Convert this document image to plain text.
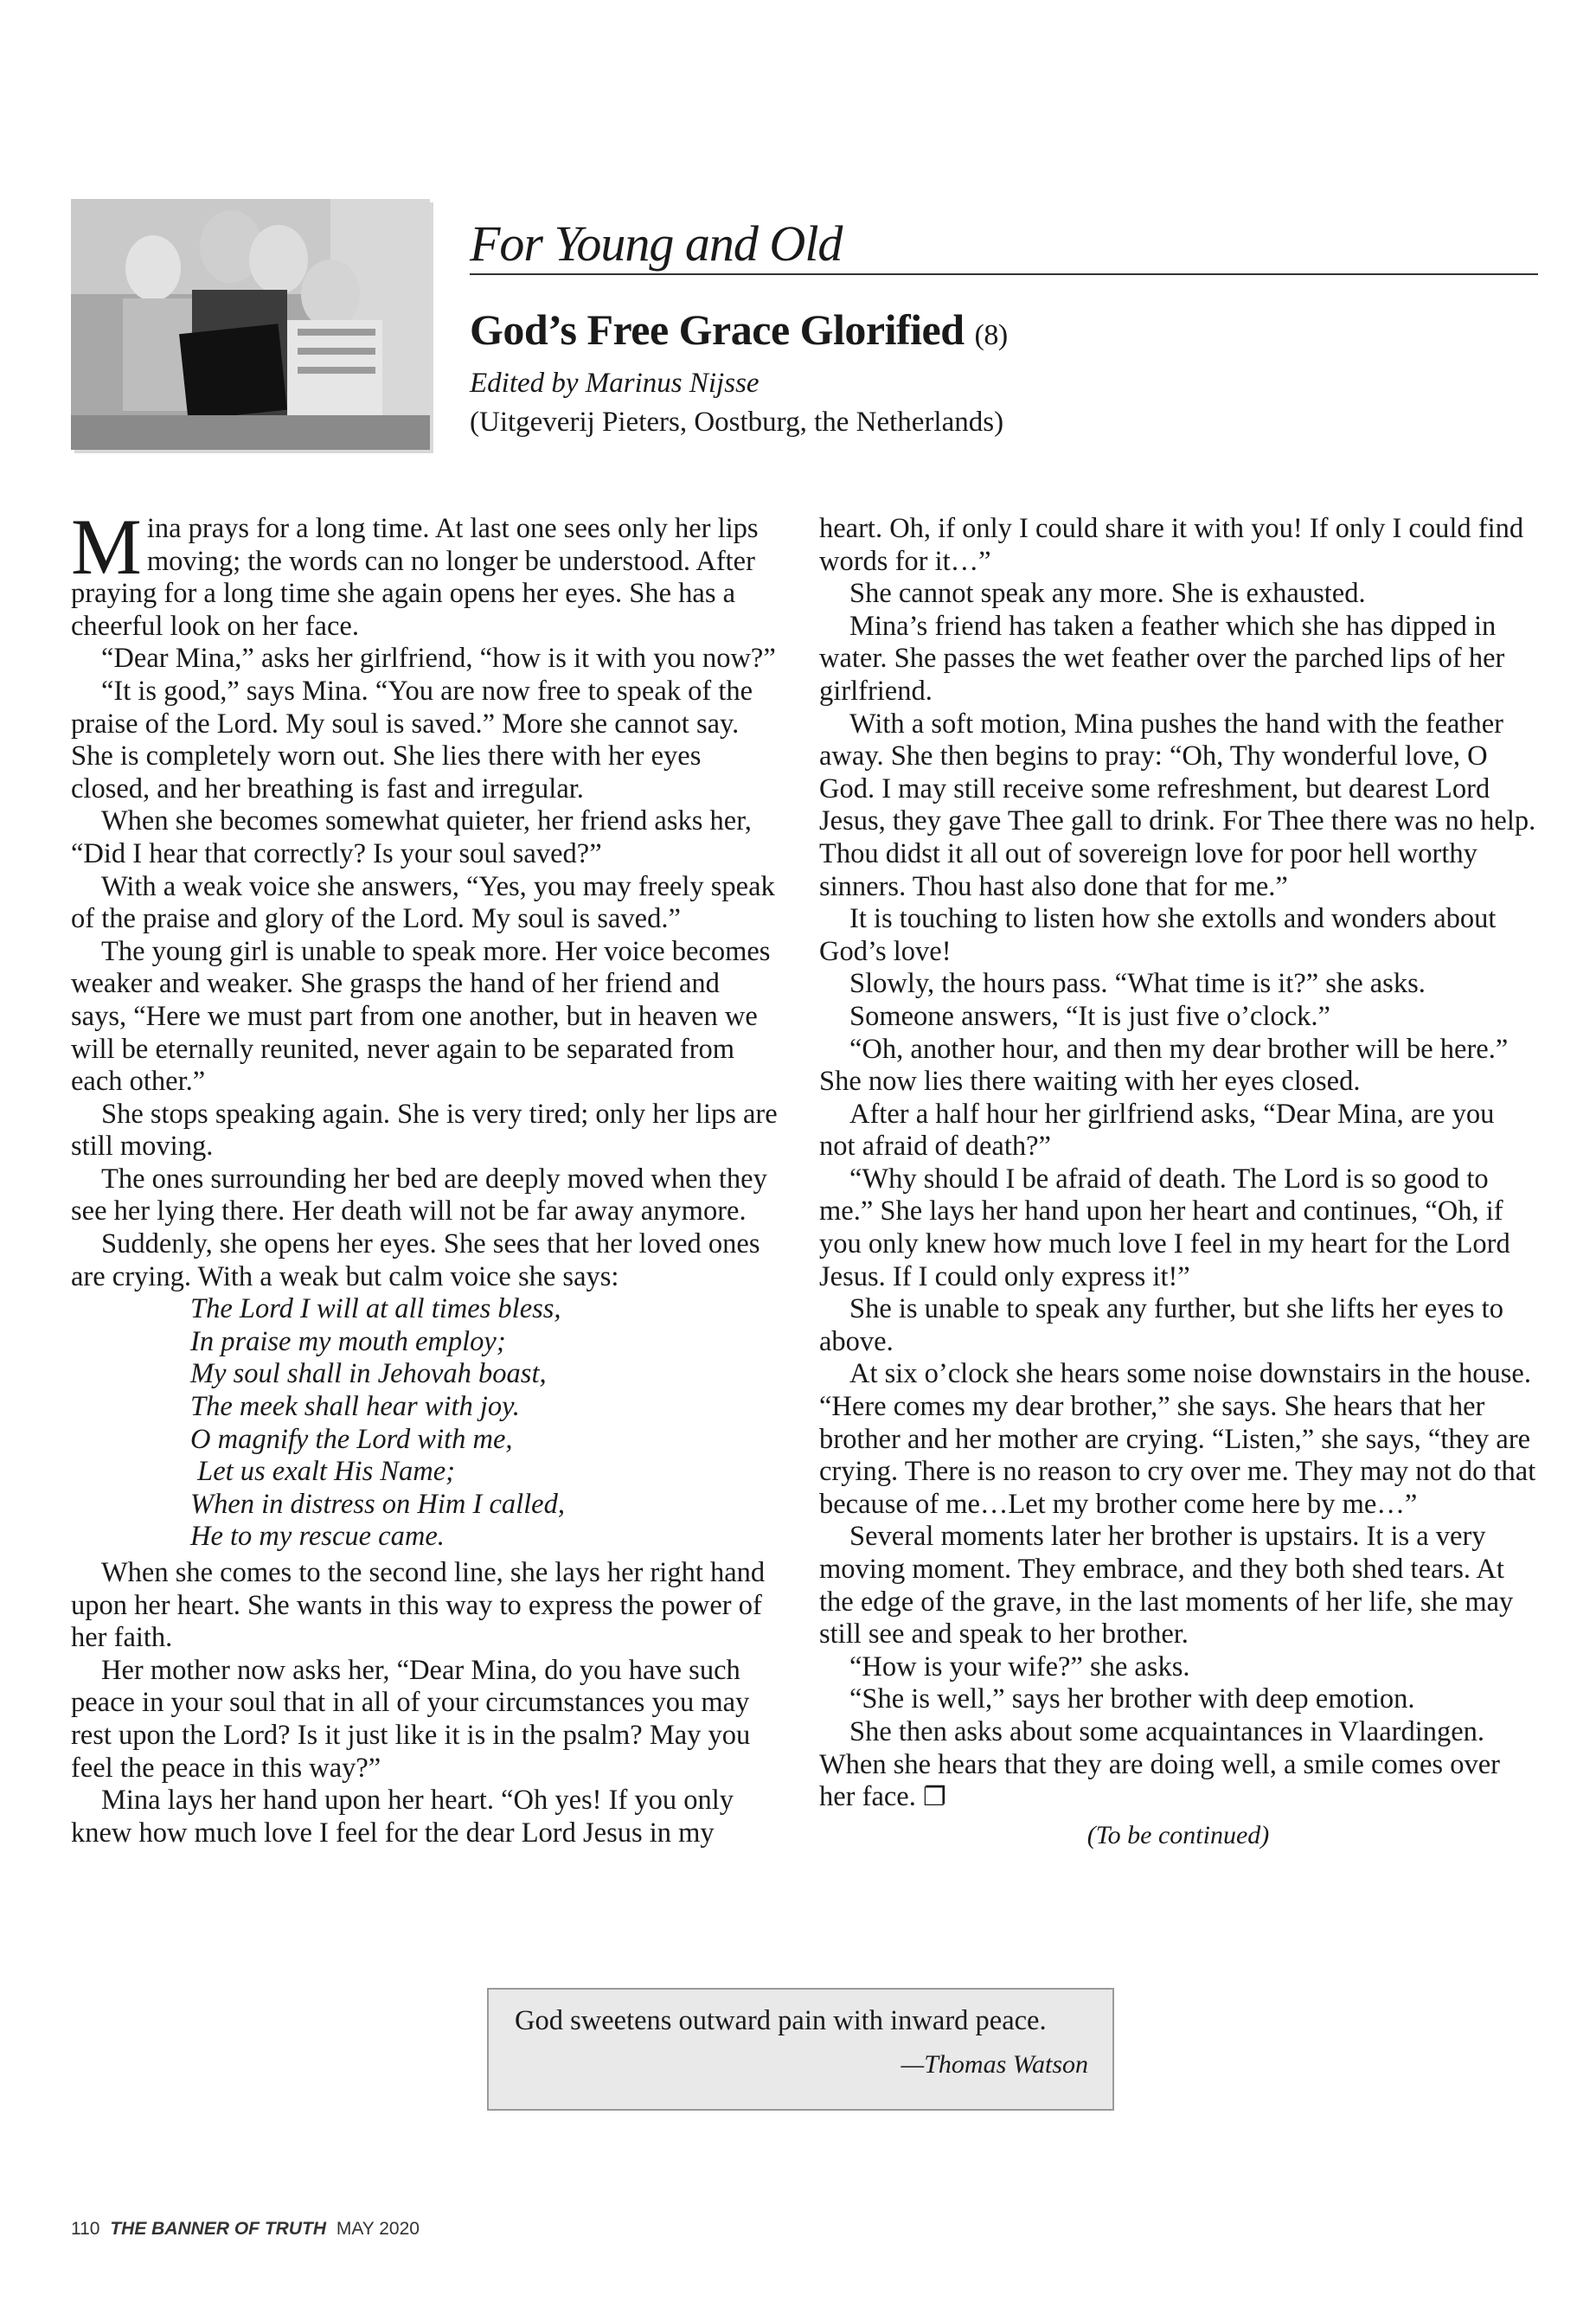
For Young and Old
God’s Free Grace Glorified (8)
Edited by Marinus Nijsse
(Uitgeverij Pieters, Oostburg, the Netherlands)

Mina prays for a long time. At last one sees only her lips moving; the words can no longer be understood. After praying for a long time she again opens her eyes. She has a cheerful look on her face.

“Dear Mina,” asks her girlfriend, “how is it with you now?”

“It is good,” says Mina. “You are now free to speak of the praise of the Lord. My soul is saved.” More she cannot say. She is completely worn out. She lies there with her eyes closed, and her breathing is fast and irregular.

When she becomes somewhat quieter, her friend asks her, “Did I hear that correctly? Is your soul saved?”

With a weak voice she answers, “Yes, you may freely speak of the praise and glory of the Lord. My soul is saved.”

The young girl is unable to speak more. Her voice becomes weaker and weaker. She grasps the hand of her friend and says, “Here we must part from one another, but in heaven we will be eternally reunited, never again to be separated from each other.”

She stops speaking again. She is very tired; only her lips are still moving.

The ones surrounding her bed are deeply moved when they see her lying there. Her death will not be far away anymore.

Suddenly, she opens her eyes. She sees that her loved ones are crying. With a weak but calm voice she says:

The Lord I will at all times bless,
In praise my mouth employ;
My soul shall in Jehovah boast,
The meek shall hear with joy.
O magnify the Lord with me,
Let us exalt His Name;
When in distress on Him I called,
He to my rescue came.

When she comes to the second line, she lays her right hand upon her heart. She wants in this way to express the power of her faith.

Her mother now asks her, “Dear Mina, do you have such peace in your soul that in all of your circumstances you may rest upon the Lord? Is it just like it is in the psalm? May you feel the peace in this way?”

Mina lays her hand upon her heart. “Oh yes! If you only knew how much love I feel for the dear Lord Jesus in my

heart. Oh, if only I could share it with you! If only I could find words for it…”

She cannot speak any more. She is exhausted.

Mina’s friend has taken a feather which she has dipped in water. She passes the wet feather over the parched lips of her girlfriend.

With a soft motion, Mina pushes the hand with the feather away. She then begins to pray: “Oh, Thy wonderful love, O God. I may still receive some refreshment, but dearest Lord Jesus, they gave Thee gall to drink. For Thee there was no help. Thou didst it all out of sovereign love for poor hell worthy sinners. Thou hast also done that for me.”

It is touching to listen how she extolls and wonders about God’s love!

Slowly, the hours pass. “What time is it?” she asks.

Someone answers, “It is just five o’clock.”

“Oh, another hour, and then my dear brother will be here.” She now lies there waiting with her eyes closed.

After a half hour her girlfriend asks, “Dear Mina, are you not afraid of death?”

“Why should I be afraid of death. The Lord is so good to me.” She lays her hand upon her heart and continues, “Oh, if you only knew how much love I feel in my heart for the Lord Jesus. If I could only express it!”

She is unable to speak any further, but she lifts her eyes to above.

At six o’clock she hears some noise downstairs in the house. “Here comes my dear brother,” she says. She hears that her brother and her mother are crying. “Listen,” she says, “they are crying. There is no reason to cry over me. They may not do that because of me…Let my brother come here by me…”

Several moments later her brother is upstairs. It is a very moving moment. They embrace, and they both shed tears. At the edge of the grave, in the last moments of her life, she may still see and speak to her brother.

“How is your wife?” she asks.

“She is well,” says her brother with deep emotion.

She then asks about some acquaintances in Vlaardingen. When she hears that they are doing well, a smile comes over her face. ❐

(To be continued)
God sweetens outward pain with inward peace.
—Thomas Watson
110 THE BANNER OF TRUTH MAY 2020
